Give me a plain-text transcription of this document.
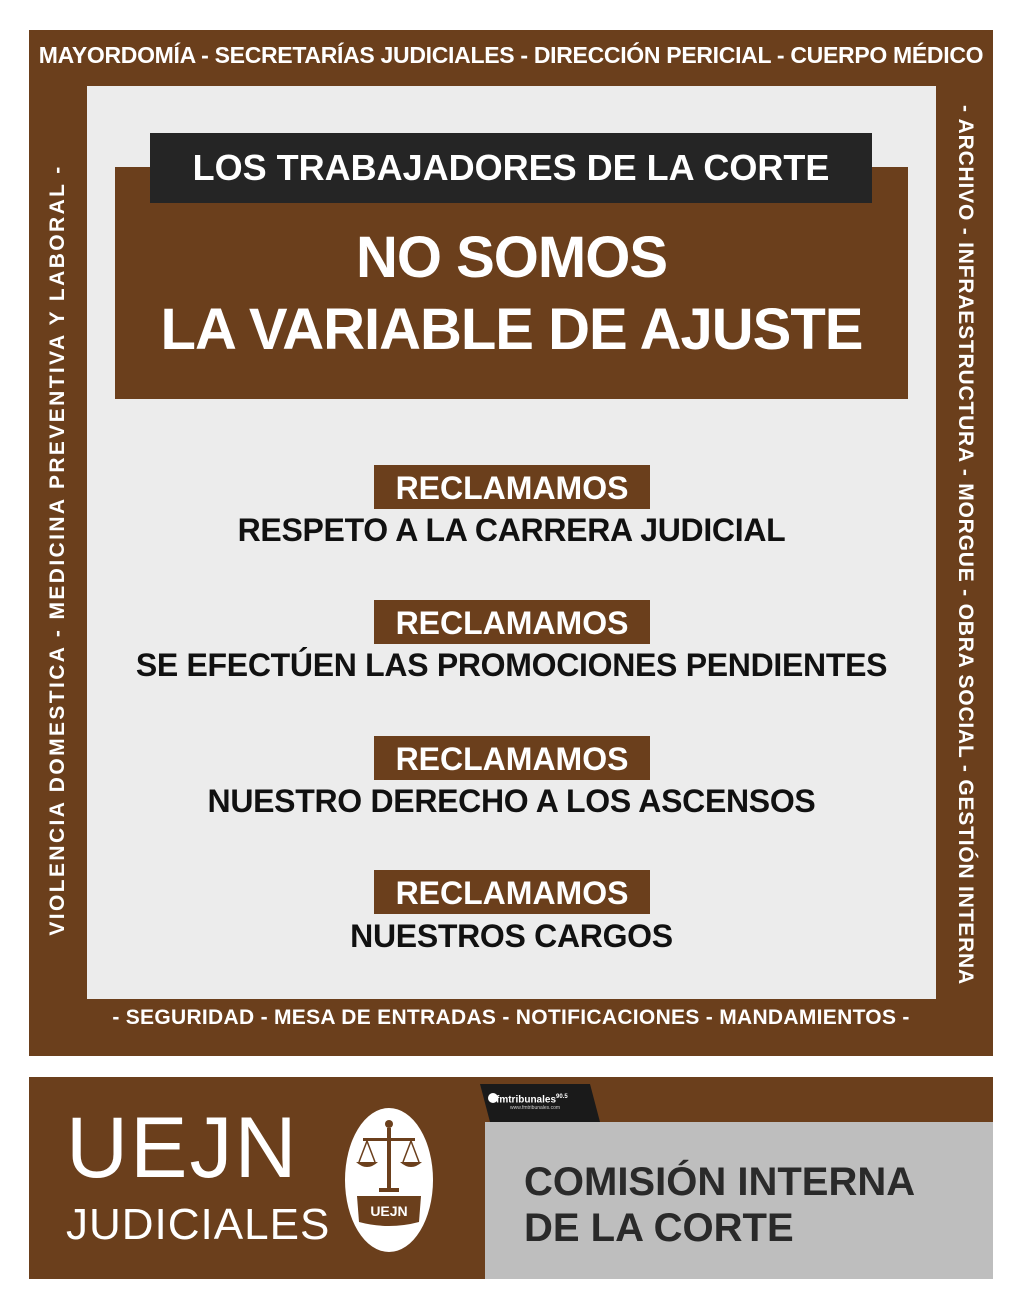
MAYORDOMÍA - SECRETARÍAS JUDICIALES - DIRECCIÓN PERICIAL - CUERPO MÉDICO
- ARCHIVO - INFRAESTRUCTURA - MORGUE - OBRA SOCIAL - GESTIÓN INTERNA
- SEGURIDAD - MESA DE ENTRADAS - NOTIFICACIONES - MANDAMIENTOS -
VIOLENCIA DOMESTICA - MEDICINA PREVENTIVA Y LABORAL -	LOS TRABAJADORES DE LA CORTE
NO SOMOS
LA VARIABLE DE AJUSTE
RECLAMAMOS
RESPETO A LA CARRERA JUDICIAL
RECLAMAMOS
SE EFECTÚEN LAS PROMOCIONES PENDIENTES
RECLAMAMOS
NUESTRO DERECHO A LOS ASCENSOS
RECLAMAMOS
NUESTROS CARGOS
fmtribunales$^{90.5}$
www.fmtribunales.com
UEJN
JUDICIALES	UEJN
COMISIÓN INTERNA
DE LA CORTE
